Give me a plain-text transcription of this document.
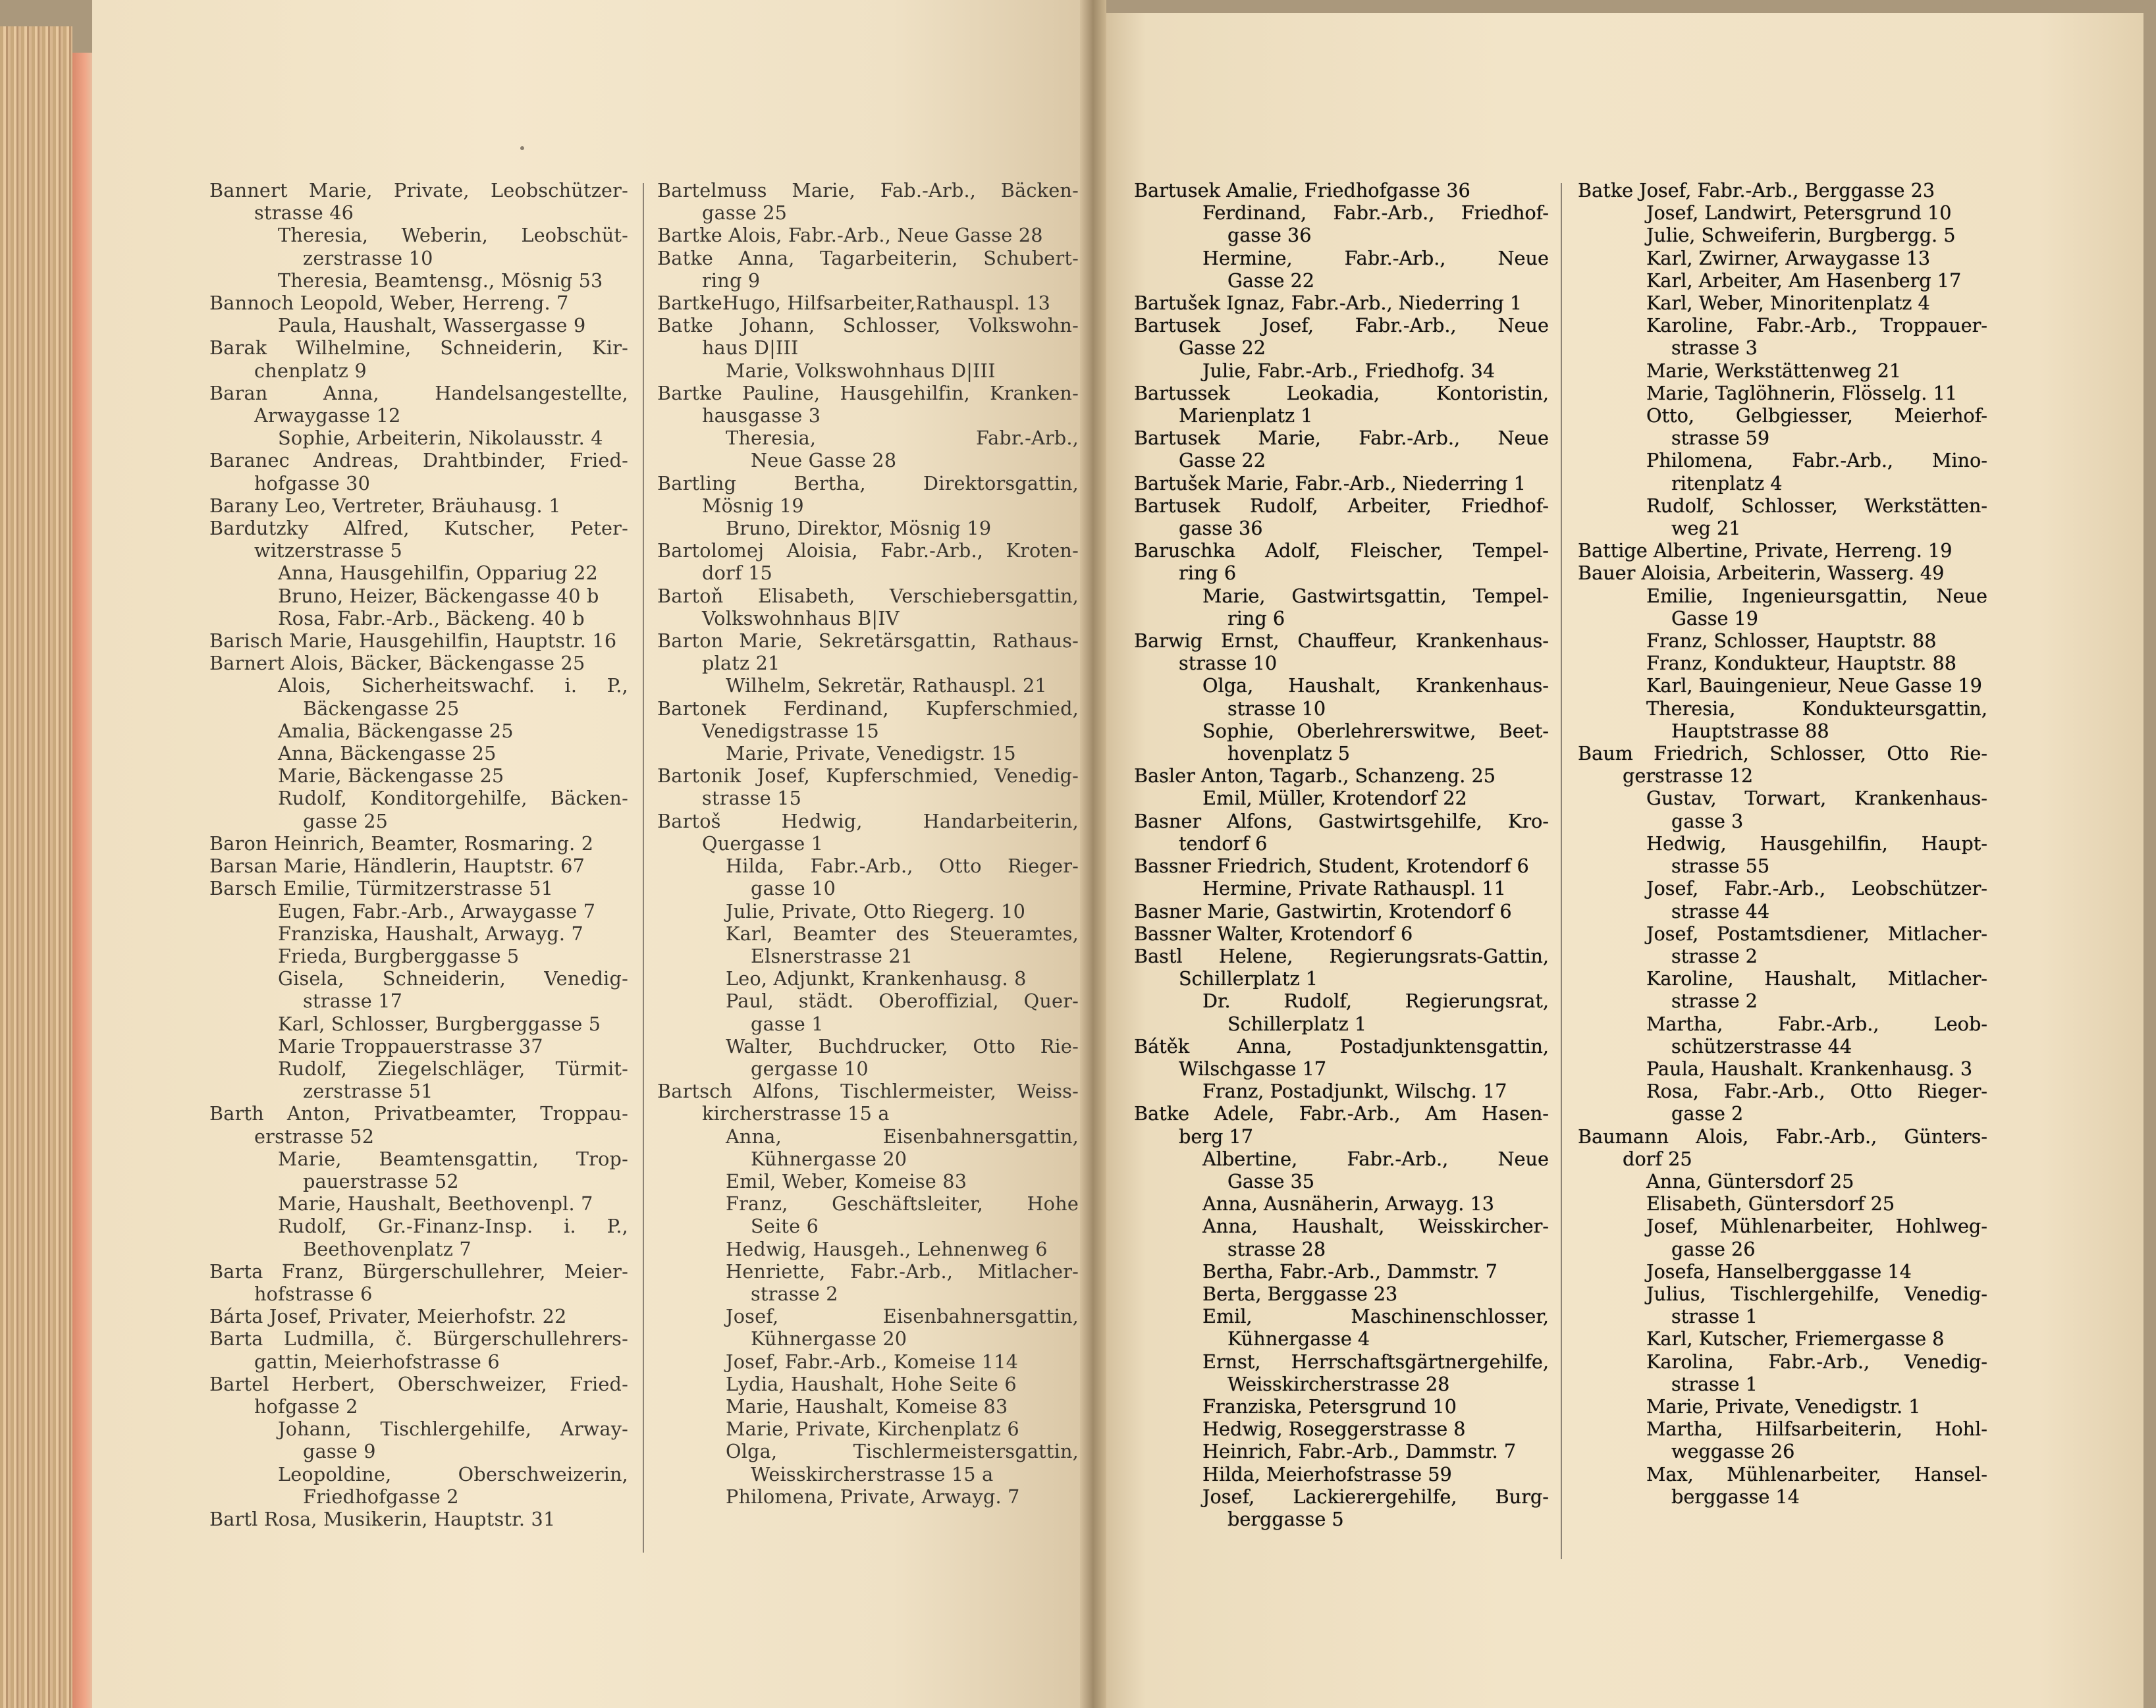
Bannert Marie, Private, Leobschützer-
strasse 46
Theresia, Weberin, Leobschüt-
zerstrasse 10
Theresia, Beamtensg., Mösnig 53
Bannoch Leopold, Weber, Herreng. 7
Paula, Haushalt, Wassergasse 9
Barak Wilhelmine, Schneiderin, Kir-
chenplatz 9
Baran Anna, Handelsangestellte,
Arwaygasse 12
Sophie, Arbeiterin, Nikolausstr. 4
Baranec Andreas, Drahtbinder, Fried-
hofgasse 30
Barany Leo, Vertreter, Bräuhausg. 1
Bardutzky Alfred, Kutscher, Peter-
witzerstrasse 5
Anna, Hausgehilfin, Oppariug 22
Bruno, Heizer, Bäckengasse 40 b
Rosa, Fabr.-Arb., Bäckeng. 40 b
Barisch Marie, Hausgehilfin, Hauptstr. 16
Barnert Alois, Bäcker, Bäckengasse 25
Alois, Sicherheitswachf. i. P.,
Bäckengasse 25
Amalia, Bäckengasse 25
Anna, Bäckengasse 25
Marie, Bäckengasse 25
Rudolf, Konditorgehilfe, Bäcken-
gasse 25
Baron Heinrich, Beamter, Rosmaring. 2
Barsan Marie, Händlerin, Hauptstr. 67
Barsch Emilie, Türmitzerstrasse 51
Eugen, Fabr.-Arb., Arwaygasse 7
Franziska, Haushalt, Arwayg. 7
Frieda, Burgberggasse 5
Gisela, Schneiderin, Venedig-
strasse 17
Karl, Schlosser, Burgberggasse 5
Marie Troppauerstrasse 37
Rudolf, Ziegelschläger, Türmit-
zerstrasse 51
Barth Anton, Privatbeamter, Troppau-
erstrasse 52
Marie, Beamtensgattin, Trop-
pauerstrasse 52
Marie, Haushalt, Beethovenpl. 7
Rudolf, Gr.-Finanz-Insp. i. P.,
Beethovenplatz 7
Barta Franz, Bürgerschullehrer, Meier-
hofstrasse 6
Bárta Josef, Privater, Meierhofstr. 22
Barta Ludmilla, č. Bürgerschullehrers-
gattin, Meierhofstrasse 6
Bartel Herbert, Oberschweizer, Fried-
hofgasse 2
Johann, Tischlergehilfe, Arway-
gasse 9
Leopoldine, Oberschweizerin,
Friedhofgasse 2
Bartl Rosa, Musikerin, Hauptstr. 31
Bartelmuss Marie, Fab.-Arb., Bäcken-
gasse 25
Bartke Alois, Fabr.-Arb., Neue Gasse 28
Batke Anna, Tagarbeiterin, Schubert-
ring 9
BartkeHugo, Hilfsarbeiter,Rathauspl. 13
Batke Johann, Schlosser, Volkswohn-
haus D|III
Marie, Volkswohnhaus D|III
Bartke Pauline, Hausgehilfin, Kranken-
hausgasse 3
Theresia, Fabr.-Arb.,
Neue Gasse 28
Bartling Bertha, Direktorsgattin,
Mösnig 19
Bruno, Direktor, Mösnig 19
Bartolomej Aloisia, Fabr.-Arb., Kroten-
dorf 15
Bartoň Elisabeth, Verschiebersgattin,
Volkswohnhaus B|IV
Barton Marie, Sekretärsgattin, Rathaus-
platz 21
Wilhelm, Sekretär, Rathauspl. 21
Bartonek Ferdinand, Kupferschmied,
Venedigstrasse 15
Marie, Private, Venedigstr. 15
Bartonik Josef, Kupferschmied, Venedig-
strasse 15
Bartoš Hedwig, Handarbeiterin,
Quergasse 1
Hilda, Fabr.-Arb., Otto Rieger-
gasse 10
Julie, Private, Otto Riegerg. 10
Karl, Beamter des Steueramtes,
Elsnerstrasse 21
Leo, Adjunkt, Krankenhausg. 8
Paul, städt. Oberoffizial, Quer-
gasse 1
Walter, Buchdrucker, Otto Rie-
gergasse 10
Bartsch Alfons, Tischlermeister, Weiss-
kircherstrasse 15 a
Anna, Eisenbahnersgattin,
Kühnergasse 20
Emil, Weber, Komeise 83
Franz, Geschäftsleiter, Hohe
Seite 6
Hedwig, Hausgeh., Lehnenweg 6
Henriette, Fabr.-Arb., Mitlacher-
strasse 2
Josef, Eisenbahnersgattin,
Kühnergasse 20
Josef, Fabr.-Arb., Komeise 114
Lydia, Haushalt, Hohe Seite 6
Marie, Haushalt, Komeise 83
Marie, Private, Kirchenplatz 6
Olga, Tischlermeistersgattin,
Weisskircherstrasse 15 a
Philomena, Private, Arwayg. 7
Bartusek Amalie, Friedhofgasse 36
Ferdinand, Fabr.-Arb., Friedhof-
gasse 36
Hermine, Fabr.-Arb., Neue
Gasse 22
Bartušek Ignaz, Fabr.-Arb., Niederring 1
Bartusek Josef, Fabr.-Arb., Neue
Gasse 22
Julie, Fabr.-Arb., Friedhofg. 34
Bartussek Leokadia, Kontoristin,
Marienplatz 1
Bartusek Marie, Fabr.-Arb., Neue
Gasse 22
Bartušek Marie, Fabr.-Arb., Niederring 1
Bartusek Rudolf, Arbeiter, Friedhof-
gasse 36
Baruschka Adolf, Fleischer, Tempel-
ring 6
Marie, Gastwirtsgattin, Tempel-
ring 6
Barwig Ernst, Chauffeur, Krankenhaus-
strasse 10
Olga, Haushalt, Krankenhaus-
strasse 10
Sophie, Oberlehrerswitwe, Beet-
hovenplatz 5
Basler Anton, Tagarb., Schanzeng. 25
Emil, Müller, Krotendorf 22
Basner Alfons, Gastwirtsgehilfe, Kro-
tendorf 6
Bassner Friedrich, Student, Krotendorf 6
Hermine, Private Rathauspl. 11
Basner Marie, Gastwirtin, Krotendorf 6
Bassner Walter, Krotendorf 6
Bastl Helene, Regierungsrats-Gattin,
Schillerplatz 1
Dr. Rudolf, Regierungsrat,
Schillerplatz 1
Bátěk Anna, Postadjunktensgattin,
Wilschgasse 17
Franz, Postadjunkt, Wilschg. 17
Batke Adele, Fabr.-Arb., Am Hasen-
berg 17
Albertine, Fabr.-Arb., Neue
Gasse 35
Anna, Ausnäherin, Arwayg. 13
Anna, Haushalt, Weisskircher-
strasse 28
Bertha, Fabr.-Arb., Dammstr. 7
Berta, Berggasse 23
Emil, Maschinenschlosser,
Kühnergasse 4
Ernst, Herrschaftsgärtnergehilfe,
Weisskircherstrasse 28
Franziska, Petersgrund 10
Hedwig, Roseggerstrasse 8
Heinrich, Fabr.-Arb., Dammstr. 7
Hilda, Meierhofstrasse 59
Josef, Lackierergehilfe, Burg-
berggasse 5
Batke Josef, Fabr.-Arb., Berggasse 23
Josef, Landwirt, Petersgrund 10
Julie, Schweiferin, Burgbergg. 5
Karl, Zwirner, Arwaygasse 13
Karl, Arbeiter, Am Hasenberg 17
Karl, Weber, Minoritenplatz 4
Karoline, Fabr.-Arb., Troppauer-
strasse 3
Marie, Werkstättenweg 21
Marie, Taglöhnerin, Flösselg. 11
Otto, Gelbgiesser, Meierhof-
strasse 59
Philomena, Fabr.-Arb., Mino-
ritenplatz 4
Rudolf, Schlosser, Werkstätten-
weg 21
Battige Albertine, Private, Herreng. 19
Bauer Aloisia, Arbeiterin, Wasserg. 49
Emilie, Ingenieursgattin, Neue
Gasse 19
Franz, Schlosser, Hauptstr. 88
Franz, Kondukteur, Hauptstr. 88
Karl, Bauingenieur, Neue Gasse 19
Theresia, Kondukteursgattin,
Hauptstrasse 88
Baum Friedrich, Schlosser, Otto Rie-
gerstrasse 12
Gustav, Torwart, Krankenhaus-
gasse 3
Hedwig, Hausgehilfin, Haupt-
strasse 55
Josef, Fabr.-Arb., Leobschützer-
strasse 44
Josef, Postamtsdiener, Mitlacher-
strasse 2
Karoline, Haushalt, Mitlacher-
strasse 2
Martha, Fabr.-Arb., Leob-
schützerstrasse 44
Paula, Haushalt. Krankenhausg. 3
Rosa, Fabr.-Arb., Otto Rieger-
gasse 2
Baumann Alois, Fabr.-Arb., Günters-
dorf 25
Anna, Güntersdorf 25
Elisabeth, Güntersdorf 25
Josef, Mühlenarbeiter, Hohlweg-
gasse 26
Josefa, Hanselberggasse 14
Julius, Tischlergehilfe, Venedig-
strasse 1
Karl, Kutscher, Friemergasse 8
Karolina, Fabr.-Arb., Venedig-
strasse 1
Marie, Private, Venedigstr. 1
Martha, Hilfsarbeiterin, Hohl-
weggasse 26
Max, Mühlenarbeiter, Hansel-
berggasse 14
